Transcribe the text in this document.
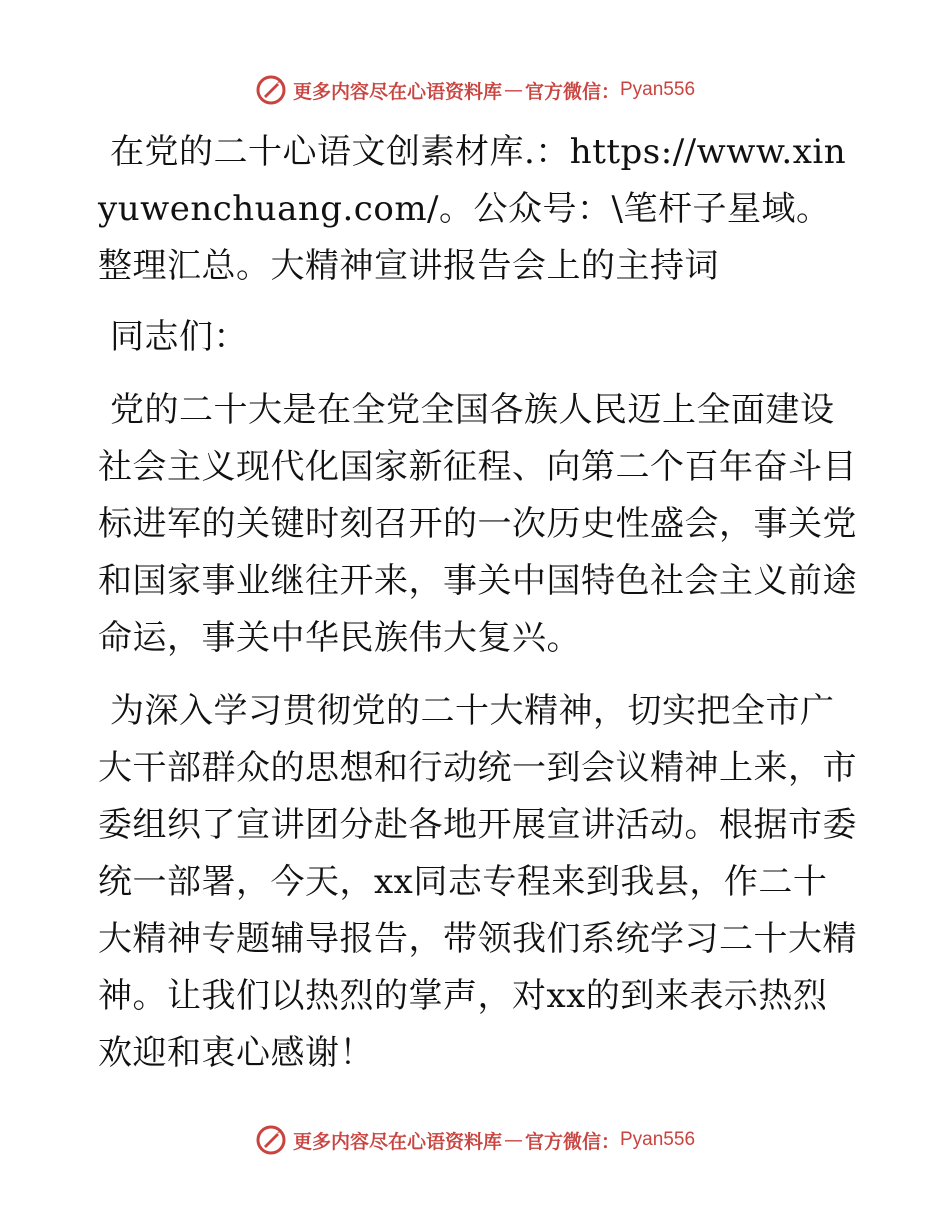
更多内容尽在心语资料库 — 官方微信： Pyan556

在党的二十心语文创素材库.：https://www.xinyuwenchuang.com/。公众号：\笔杆子星域。整理汇总。大精神宣讲报告会上的主持词

同志们：

党的二十大是在全党全国各族人民迈上全面建设社会主义现代化国家新征程、向第二个百年奋斗目标进军的关键时刻召开的一次历史性盛会，事关党和国家事业继往开来，事关中国特色社会主义前途命运，事关中华民族伟大复兴。

为深入学习贯彻党的二十大精神，切实把全市广大干部群众的思想和行动统一到会议精神上来，市委组织了宣讲团分赴各地开展宣讲活动。根据市委统一部署，今天，xx同志专程来到我县，作二十大精神专题辅导报告，带领我们系统学习二十大精神。让我们以热烈的掌声，对xx的到来表示热烈欢迎和衷心感谢！

更多内容尽在心语资料库 — 官方微信： Pyan556
